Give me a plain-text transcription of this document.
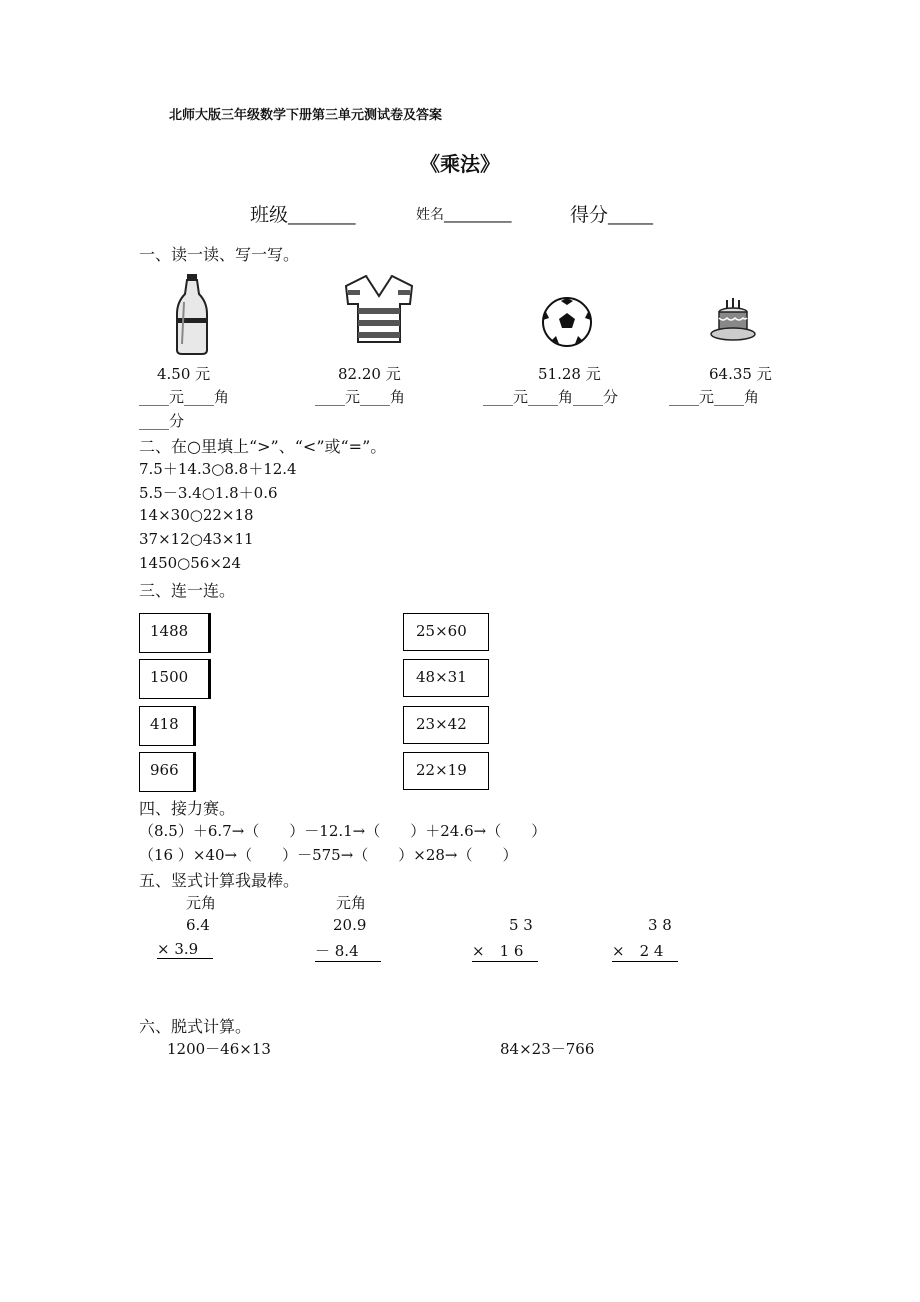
北师大版三年级数学下册第三单元测试卷及答案
《乘法》
班级_________	姓名_________	得分______
一、读一读、写一写。
4.50 元	82.20 元	51.28 元	64.35 元
____元____角	____元____角	____元____角____分	____元____角
____分
二、在○里填上“>”、“<”或“=”。
7.5＋14.3○8.8＋12.4
5.5－3.4○1.8＋0.6
14×30○22×18
37×12○43×11
1450○56×24
三、连一连。
1488
1500
418
966
25×60
48×31
23×42
22×19
四、接力赛。
（8.5）＋6.7→（　　）－12.1→（　　）＋24.6→（　　）
（16 ）×40→（　　）－575→（　　）×28→（　　）
五、竖式计算我最棒。
元角	元角
6.4	20.9	5 3	3 8
× 3.9	－ 8.4	×　1 6	×　2 4
六、脱式计算。
1200－46×13	84×23－766
